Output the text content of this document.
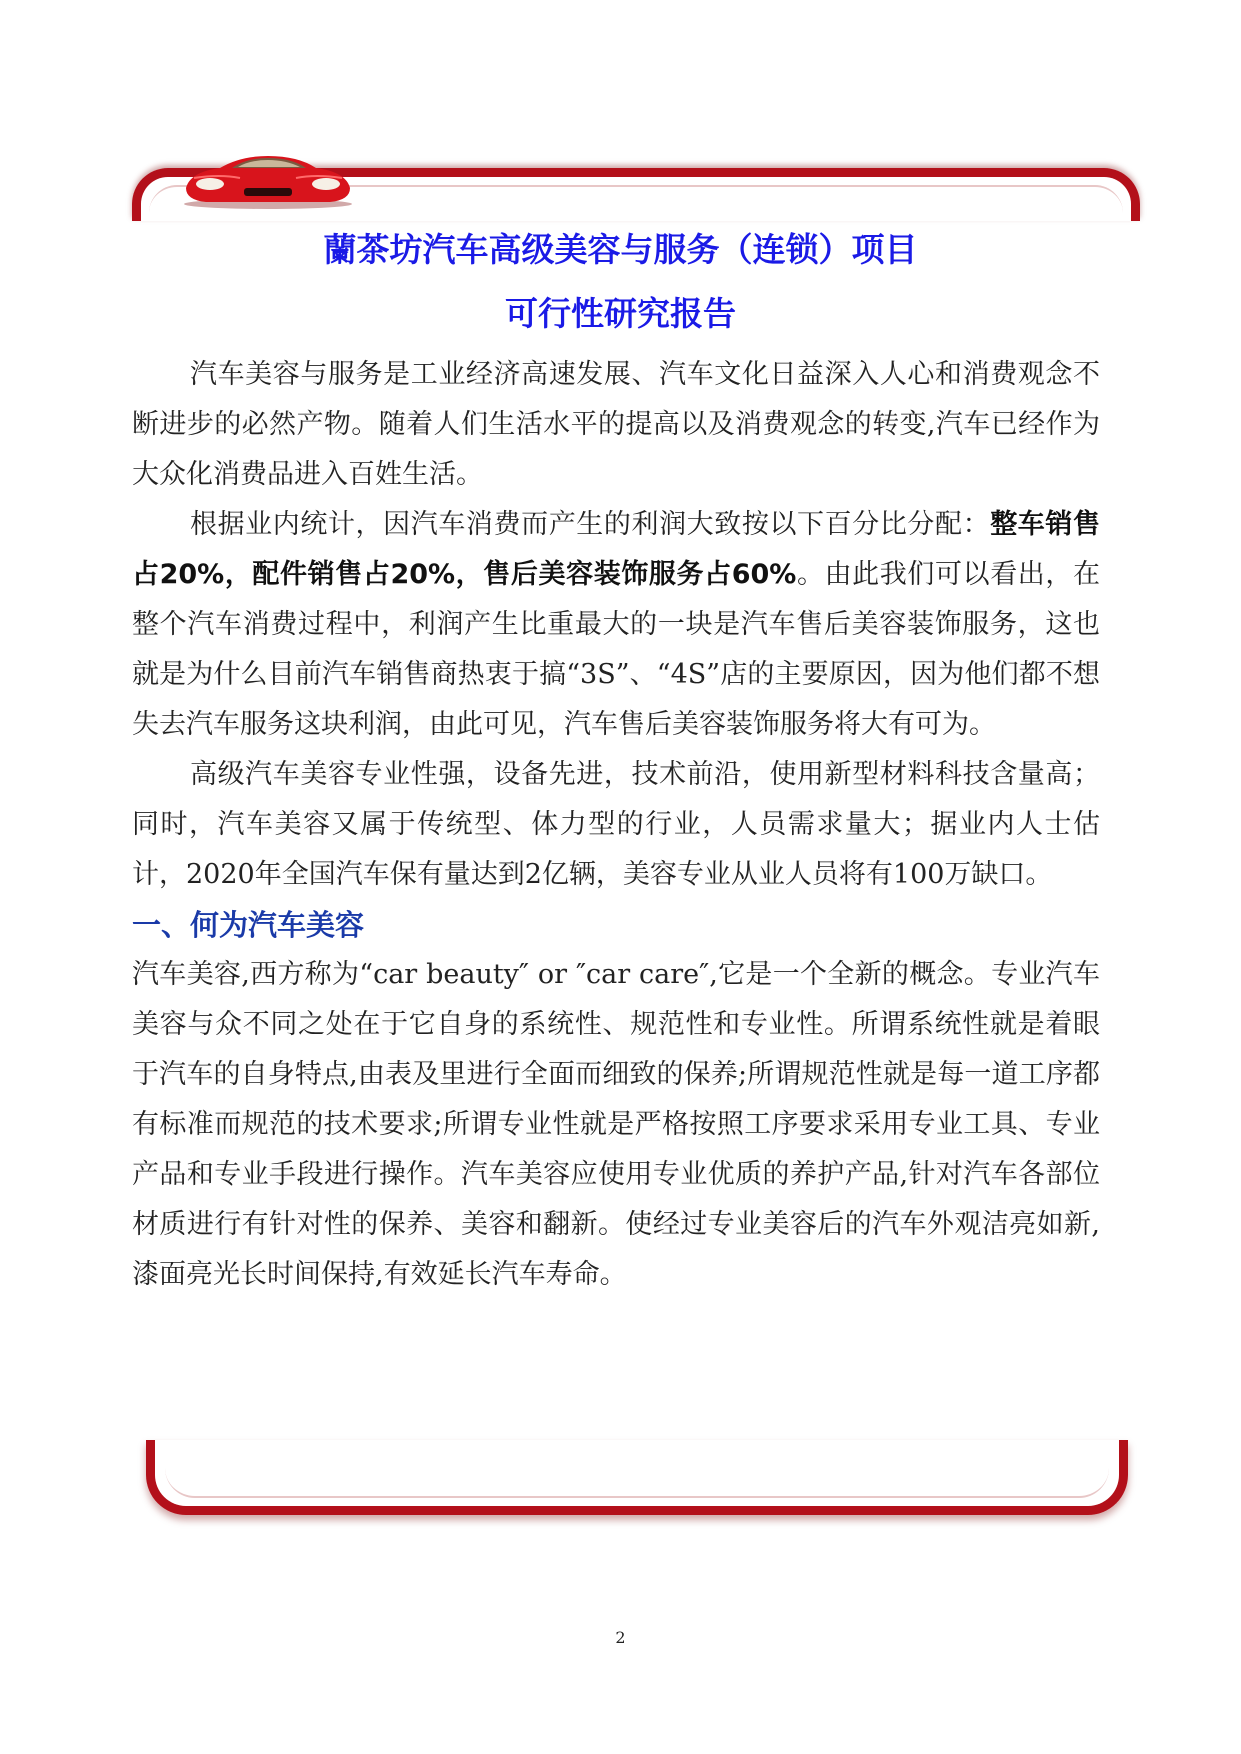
蘭茶坊汽车高级美容与服务（连锁）项目
可行性研究报告

汽车美容与服务是工业经济高速发展、汽车文化日益深入人心和消费观念不断进步的必然产物。随着人们生活水平的提高以及消费观念的转变,汽车已经作为大众化消费品进入百姓生活。

根据业内统计，因汽车消费而产生的利润大致按以下百分比分配：整车销售占20%，配件销售占20%，售后美容装饰服务占60%。由此我们可以看出，在整个汽车消费过程中，利润产生比重最大的一块是汽车售后美容装饰服务，这也就是为什么目前汽车销售商热衷于搞“3S”、“4S”店的主要原因，因为他们都不想失去汽车服务这块利润，由此可见，汽车售后美容装饰服务将大有可为。

高级汽车美容专业性强，设备先进，技术前沿，使用新型材料科技含量高；同时，汽车美容又属于传统型、体力型的行业，人员需求量大；据业内人士估计，2020年全国汽车保有量达到2亿辆，美容专业从业人员将有100万缺口。

一、何为汽车美容

汽车美容,西方称为“car beauty″ or ″car care″,它是一个全新的概念。专业汽车美容与众不同之处在于它自身的系统性、规范性和专业性。所谓系统性就是着眼于汽车的自身特点,由表及里进行全面而细致的保养;所谓规范性就是每一道工序都有标准而规范的技术要求;所谓专业性就是严格按照工序要求采用专业工具、专业产品和专业手段进行操作。汽车美容应使用专业优质的养护产品,针对汽车各部位材质进行有针对性的保养、美容和翻新。使经过专业美容后的汽车外观洁亮如新,漆面亮光长时间保持,有效延长汽车寿命。

2
